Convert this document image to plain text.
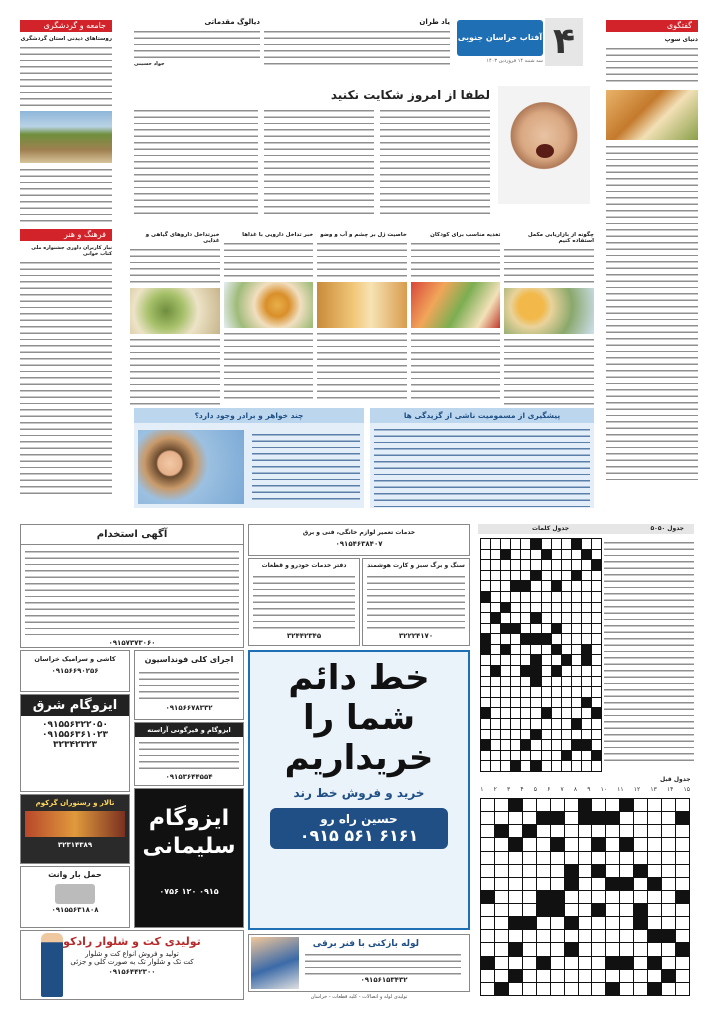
۴
آفتاب خراسان جنوبی
سه شنبه ۱۴ فروردین ۱۴۰۳
یاد طران
دیالوگ مقدماتی
جواد حسینی
گفتگوی
دنیای سوپ
جامعه و گردشگری
روستاهای دیدنی استان گردشگری
فرهنگ و هنر
نیاز کاربران داوری جشنواره ملی کتاب خوانی
لطفا از امروز شکایت نکنید
چگونه از بازاریابی مکمل استفاده کنیم
تغذیه مناسب برای کودکان
خاصیت ژل بر چشم و آب و وضو
خبر تداخل دارویی با غذاها
خبرتداخل داروهای گیاهی و غذایی
پیشگیری از مسمومیت ناشی از گزیدگی ها
چند خواهر و برادر وجود دارد؟
آگهی استخدام
۰۹۱۵۷۳۷۳۰۶۰
کاشی و سرامیک خراسان
۰۹۱۵۶۶۹۰۲۵۶
ایزوگام شرق
۰۹۱۵۵۶۳۲۲۰۵۰
۰۹۱۵۵۶۳۶۱۰۲۳
۳۲۳۴۲۳۲۳
تالار و رستوران گرکوم
۳۲۳۱۴۳۸۹
حمل بار وانت
۰۹۱۵۵۶۳۱۸۰۸
تولیدی کت و شلوار رادکو
تولید و فروش انواع کت و شلوار
کت تک و شلوار تک به صورت کلی و جزئی
۰۹۱۵۶۴۴۲۳۰۰
خدمات تعمیر لوازم خانگی، فنی و برق
۰۹۱۵۴۶۳۸۴۰۷
دفتر خدمات خودرو و قطعات
۳۲۴۴۲۳۴۵
سنگ و برگ سبز و کارت هوشمند
۳۲۲۲۴۱۷۰
اجرای کلی فونداسیون
۰۹۱۵۶۶۷۸۳۳۲
ایزوگام و قیرگونی آراسته
۰۹۱۵۳۶۴۴۵۵۴
ایزوگام سلیمانی
۰۹۱۵ ۱۲۰ ۰۷۵۶
خط دائم
شما را
خریداریم
خرید و فروش خط رند
حسین راه رو
۰۹۱۵ ۵۶۱ ۶۱۶۱
لوله بازکنی با فنر برقی
۰۹۱۵۶۱۵۳۴۳۲
تولیدی لوله و اتصالات - کلیه قطعات - خراسان
جدول کلمات	جدول ۵۰۵۰
جدول قبل
۱۵
۱۴
۱۳
۱۲
۱۱
۱۰
۹
۸
۷
۶
۵
۴
۳
۲
۱
